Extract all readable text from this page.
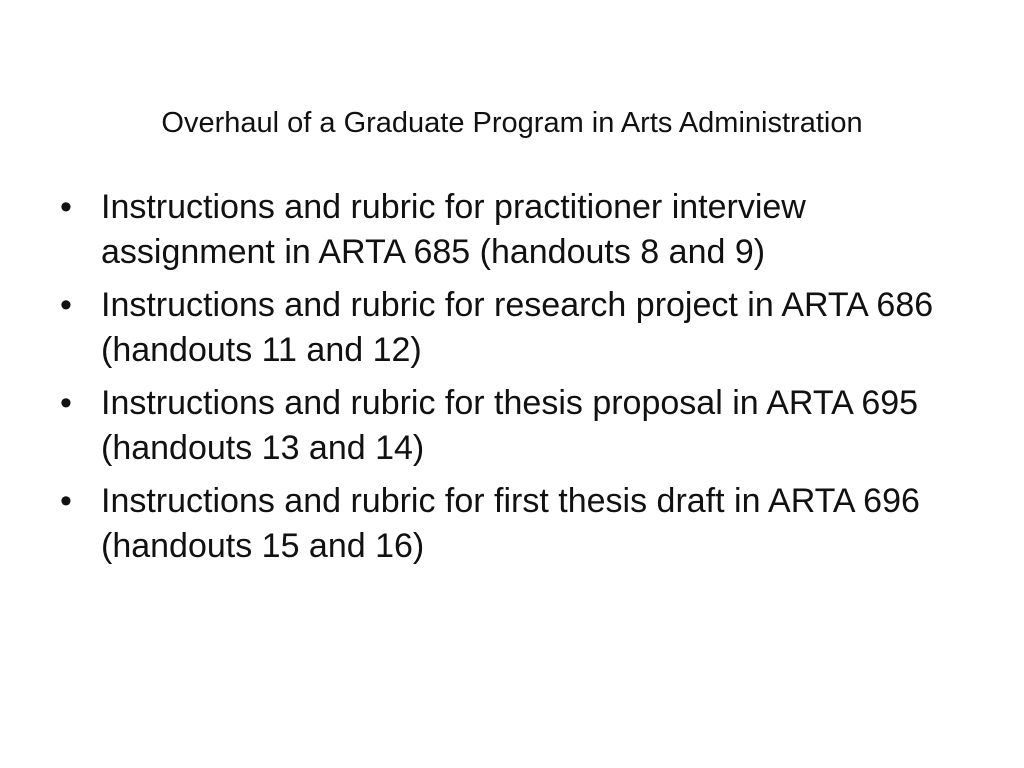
Overhaul of a Graduate Program in Arts Administration
• Instructions and rubric for practitioner interview assignment in ARTA 685 (handouts 8 and 9)
• Instructions and rubric for research project in ARTA 686 (handouts 11 and 12)
• Instructions and rubric for thesis proposal in ARTA 695 (handouts 13 and 14)
• Instructions and rubric for first thesis draft in ARTA 696 (handouts 15 and 16)
